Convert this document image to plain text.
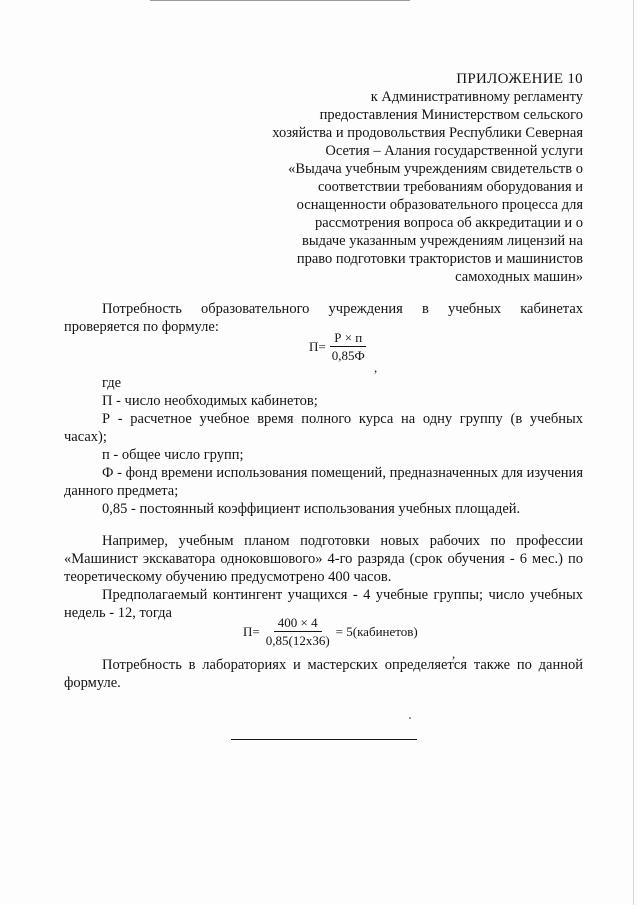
ПРИЛОЖЕНИЕ 10
к Административному регламенту
предоставления Министерством сельского
хозяйства и продовольствия Республики Северная
Осетия – Алания государственной услуги
«Выдача учебным учреждениям свидетельств о
соответствии требованиям оборудования и
оснащенности образовательного процесса для
рассмотрения вопроса об аккредитации и о
выдаче указанным учреждениям лицензий на
право подготовки трактористов и машинистов
самоходных машин»
Потребность образовательного учреждения в учебных кабинетах проверяется по формуле:
$П= \frac{Р \times п}{0,85Ф}$
,
где
П - число необходимых кабинетов;
Р - расчетное учебное время полного курса на одну группу (в учебных часах);
п - общее число групп;
Ф - фонд времени использования помещений, предназначенных для изучения данного предмета;
0,85 - постоянный коэффициент использования учебных площадей.
Например, учебным планом подготовки новых рабочих по профессии «Машинист экскаватора одноковшового» 4-го разряда (срок обучения - 6 мес.) по теоретическому обучению предусмотрено 400 часов.
Предполагаемый контингент учащихся - 4 учебные группы; число учебных недель - 12, тогда
$П= \frac{400 \times 4}{0,85(12х36)}$ = 5(кабинетов)
,
Потребность в лабораториях и мастерских определяется также по данной формуле.
